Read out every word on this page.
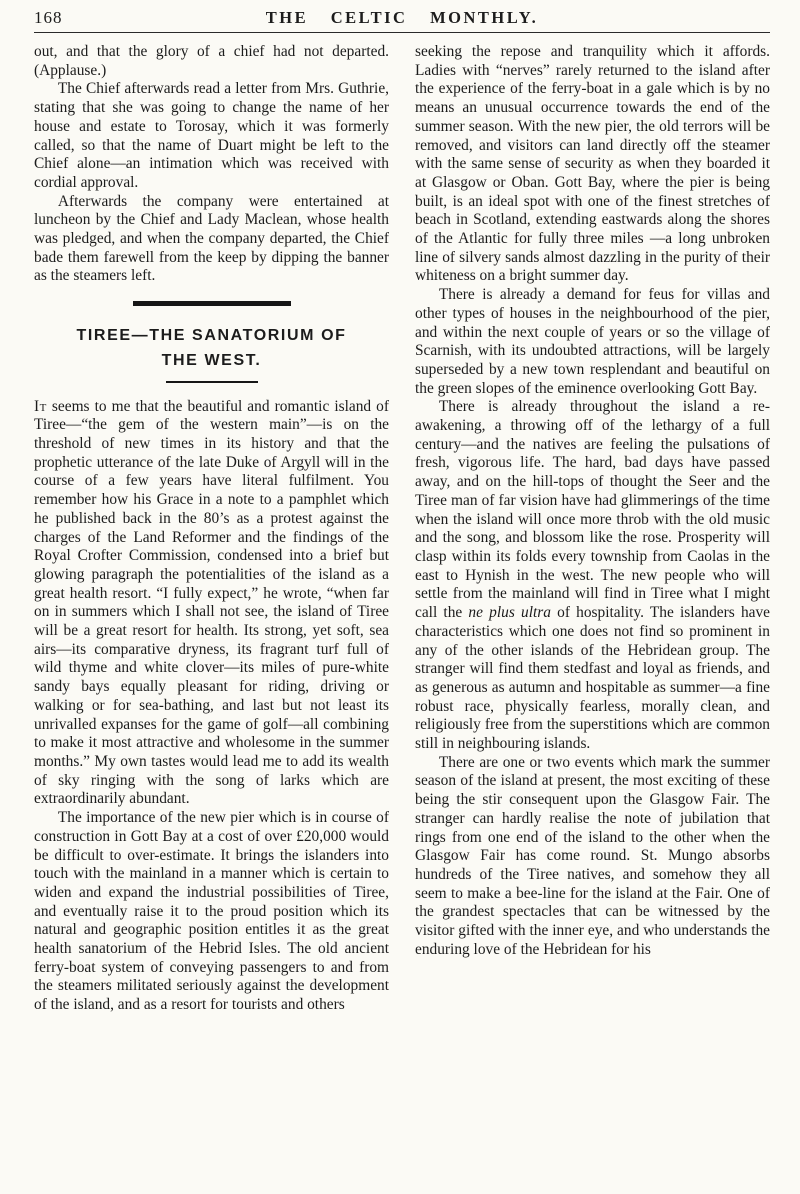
168	THE CELTIC MONTHLY.

out, and that the glory of a chief had not departed. (Applause.)

The Chief afterwards read a letter from Mrs. Guthrie, stating that she was going to change the name of her house and estate to Torosay, which it was formerly called, so that the name of Duart might be left to the Chief alone—an intimation which was received with cordial approval.

Afterwards the company were entertained at luncheon by the Chief and Lady Maclean, whose health was pledged, and when the company departed, the Chief bade them farewell from the keep by dipping the banner as the steamers left.

TIREE—THE SANATORIUM OF
THE WEST.

It seems to me that the beautiful and romantic island of Tiree—“the gem of the western main”—is on the threshold of new times in its history and that the prophetic utterance of the late Duke of Argyll will in the course of a few years have literal fulfilment. You remember how his Grace in a note to a pamphlet which he published back in the 80’s as a protest against the charges of the Land Reformer and the findings of the Royal Crofter Commission, condensed into a brief but glowing paragraph the potentialities of the island as a great health resort. “I fully expect,” he wrote, “when far on in summers which I shall not see, the island of Tiree will be a great resort for health. Its strong, yet soft, sea airs—its comparative dryness, its fragrant turf full of wild thyme and white clover—its miles of pure-white sandy bays equally pleasant for riding, driving or walking or for sea-bathing, and last but not least its unrivalled expanses for the game of golf—all combining to make it most attractive and wholesome in the summer months.” My own tastes would lead me to add its wealth of sky ringing with the song of larks which are extraordinarily abundant.

The importance of the new pier which is in course of construction in Gott Bay at a cost of over £20,000 would be difficult to over-estimate. It brings the islanders into touch with the mainland in a manner which is certain to widen and expand the industrial possibilities of Tiree, and eventually raise it to the proud position which its natural and geographic position entitles it as the great health sanatorium of the Hebrid Isles. The old ancient ferry-boat system of conveying passengers to and from the steamers militated seriously against the development of the island, and as a resort for tourists and others

seeking the repose and tranquility which it affords. Ladies with “nerves” rarely returned to the island after the experience of the ferry-boat in a gale which is by no means an unusual occurrence towards the end of the summer season. With the new pier, the old terrors will be removed, and visitors can land directly off the steamer with the same sense of security as when they boarded it at Glasgow or Oban. Gott Bay, where the pier is being built, is an ideal spot with one of the finest stretches of beach in Scotland, extending eastwards along the shores of the Atlantic for fully three miles —a long unbroken line of silvery sands almost dazzling in the purity of their whiteness on a bright summer day.

There is already a demand for feus for villas and other types of houses in the neighbourhood of the pier, and within the next couple of years or so the village of Scarnish, with its undoubted attractions, will be largely superseded by a new town resplendant and beautiful on the green slopes of the eminence overlooking Gott Bay.

There is already throughout the island a re-awakening, a throwing off of the lethargy of a full century—and the natives are feeling the pulsations of fresh, vigorous life. The hard, bad days have passed away, and on the hill-tops of thought the Seer and the Tiree man of far vision have had glimmerings of the time when the island will once more throb with the old music and the song, and blossom like the rose. Prosperity will clasp within its folds every township from Caolas in the east to Hynish in the west. The new people who will settle from the mainland will find in Tiree what I might call the ne plus ultra of hospitality. The islanders have characteristics which one does not find so prominent in any of the other islands of the Hebridean group. The stranger will find them stedfast and loyal as friends, and as generous as autumn and hospitable as summer—a fine robust race, physically fearless, morally clean, and religiously free from the superstitions which are common still in neighbouring islands.

There are one or two events which mark the summer season of the island at present, the most exciting of these being the stir consequent upon the Glasgow Fair. The stranger can hardly realise the note of jubilation that rings from one end of the island to the other when the Glasgow Fair has come round. St. Mungo absorbs hundreds of the Tiree natives, and somehow they all seem to make a bee-line for the island at the Fair. One of the grandest spectacles that can be witnessed by the visitor gifted with the inner eye, and who understands the enduring love of the Hebridean for his
